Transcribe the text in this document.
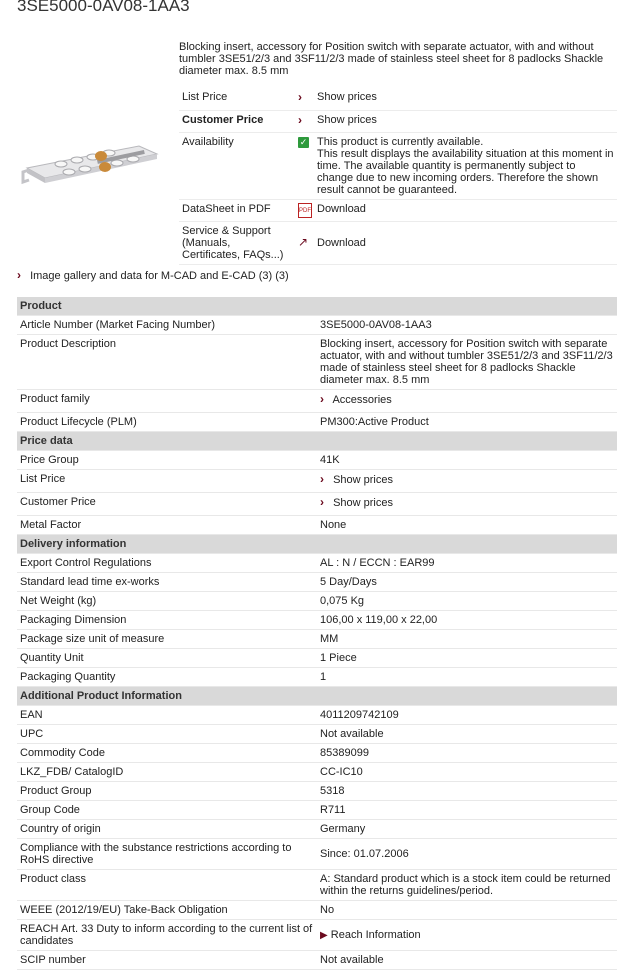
3SE5000-0AV08-1AA3
Blocking insert, accessory for Position switch with separate actuator, with and without tumbler 3SE51/2/3 and 3SF11/2/3 made of stainless steel sheet for 8 padlocks Shackle diameter max. 8.5 mm
List Price	›	Show prices
Customer Price	›	Show prices
Availability	✓	This product is currently available.
This result displays the availability situation at this moment in time. The available quantity is permanently subject to change due to new incoming orders. Therefore the shown result cannot be guaranteed.
DataSheet in PDF	PDF	Download
Service & Support (Manuals, Certificates, FAQs...)	↗	Download
› Image gallery and data for M-CAD and E-CAD (3) (3)
Product	
Article Number (Market Facing Number)	3SE5000-0AV08-1AA3
Product Description	Blocking insert, accessory for Position switch with separate actuator, with and without tumbler 3SE51/2/3 and 3SF11/2/3 made of stainless steel sheet for 8 padlocks Shackle diameter max. 8.5 mm
Product family	› Accessories
Product Lifecycle (PLM)	PM300:Active Product
Price data	
Price Group	41K
List Price	› Show prices
Customer Price	› Show prices
Metal Factor	None
Delivery information	
Export Control Regulations	AL : N / ECCN : EAR99
Standard lead time ex-works	5 Day/Days
Net Weight (kg)	0,075 Kg
Packaging Dimension	106,00 x 119,00 x 22,00
Package size unit of measure	MM
Quantity Unit	1 Piece
Packaging Quantity	1
Additional Product Information	
EAN	4011209742109
UPC	Not available
Commodity Code	85389099
LKZ_FDB/ CatalogID	CC-IC10
Product Group	5318
Group Code	R711
Country of origin	Germany
Compliance with the substance restrictions according to RoHS directive	Since: 01.07.2006
Product class	A: Standard product which is a stock item could be returned within the returns guidelines/period.
WEEE (2012/19/EU) Take-Back Obligation	No
REACH Art. 33 Duty to inform according to the current list of candidates	▶ Reach Information
SCIP number	Not available
